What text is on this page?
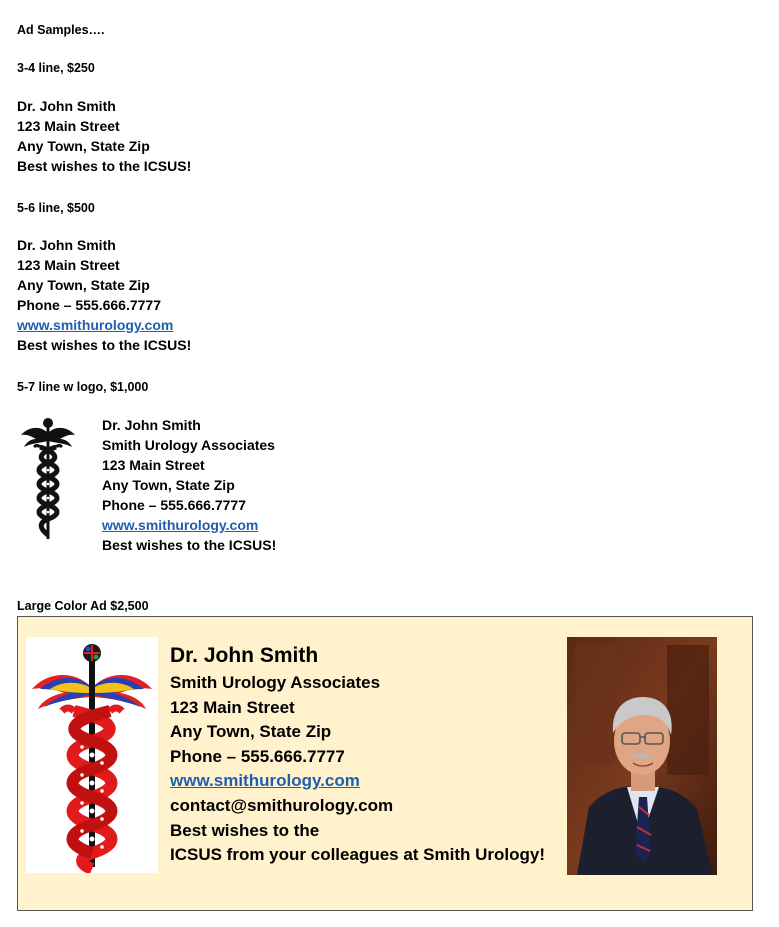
Ad Samples….
3-4 line, $250
Dr. John Smith
123 Main Street
Any Town, State Zip
Best wishes to the ICSUS!
5-6 line, $500
Dr. John Smith
123 Main Street
Any Town, State Zip
Phone – 555.666.7777
www.smithurology.com
Best wishes to the ICSUS!
5-7 line w logo, $1,000
Dr. John Smith
Smith Urology Associates
123 Main Street
Any Town, State Zip
Phone – 555.666.7777
www.smithurology.com
Best wishes to the ICSUS!
Large Color Ad $2,500
Dr. John Smith
Smith Urology Associates
123 Main Street
Any Town, State Zip
Phone – 555.666.7777
www.smithurology.com
contact@smithurology.com
Best wishes to the
ICSUS from your colleagues at Smith Urology!
